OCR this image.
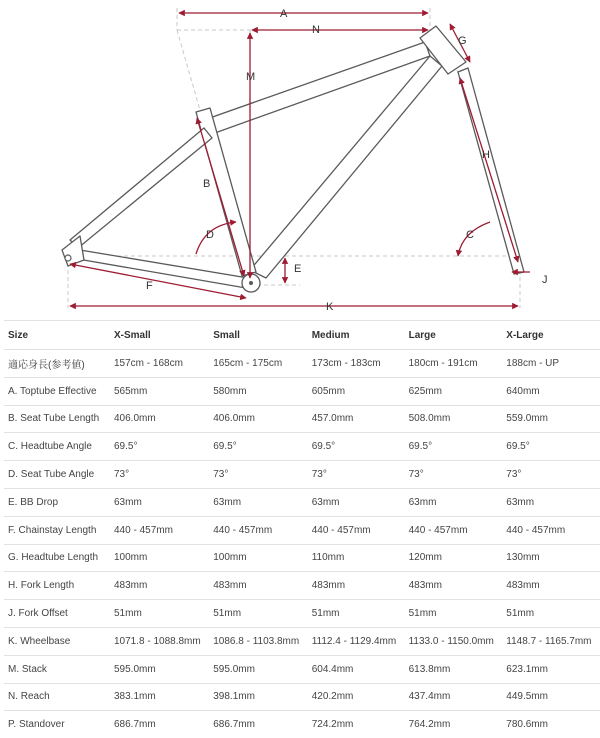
A
N
G
M
H
B
D	C
E
F	J
K
Size	X-Small	Small	Medium	Large	X-Large
適応身長(参考値)	157cm - 168cm	165cm - 175cm	173cm - 183cm	180cm - 191cm	188cm - UP
A. Toptube Effective	565mm	580mm	605mm	625mm	640mm
B. Seat Tube Length	406.0mm	406.0mm	457.0mm	508.0mm	559.0mm
C. Headtube Angle	69.5°	69.5°	69.5°	69.5°	69.5°
D. Seat Tube Angle	73°	73°	73°	73°	73°
E. BB Drop	63mm	63mm	63mm	63mm	63mm
F. Chainstay Length	440 - 457mm	440 - 457mm	440 - 457mm	440 - 457mm	440 - 457mm
G. Headtube Length	100mm	100mm	110mm	120mm	130mm
H. Fork Length	483mm	483mm	483mm	483mm	483mm
J. Fork Offset	51mm	51mm	51mm	51mm	51mm
K. Wheelbase	1071.8 - 1088.8mm	1086.8 - 1103.8mm	1112.4 - 1129.4mm	1133.0 - 1150.0mm	1148.7 - 1165.7mm
M. Stack	595.0mm	595.0mm	604.4mm	613.8mm	623.1mm
N. Reach	383.1mm	398.1mm	420.2mm	437.4mm	449.5mm
P. Standover	686.7mm	686.7mm	724.2mm	764.2mm	780.6mm
